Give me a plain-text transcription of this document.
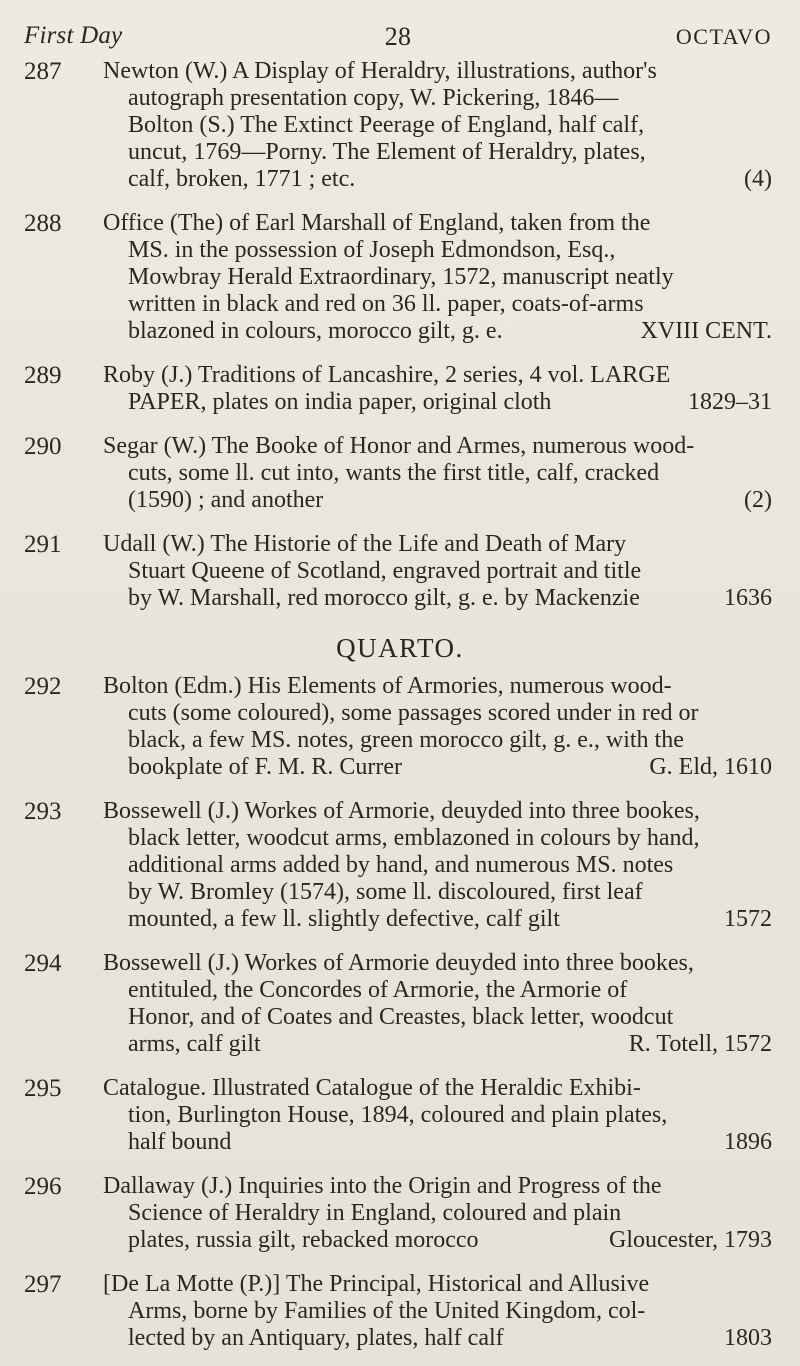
First Day	28	OCTAVO
287 Newton (W.) A Display of Heraldry, illustrations, author's
autograph presentation copy, W. Pickering, 1846—
Bolton (S.) The Extinct Peerage of England, half calf,
uncut, 1769—Porny. The Element of Heraldry, plates,
calf, broken, 1771 ; etc.	(4)
288 Office (The) of Earl Marshall of England, taken from the
MS. in the possession of Joseph Edmondson, Esq.,
Mowbray Herald Extraordinary, 1572, manuscript neatly
written in black and red on 36 ll. paper, coats-of-arms
blazoned in colours, morocco gilt, g. e.	XVIII CENT.
289 Roby (J.) Traditions of Lancashire, 2 series, 4 vol. LARGE
PAPER, plates on india paper, original cloth	1829–31
290 Segar (W.) The Booke of Honor and Armes, numerous wood-
cuts, some ll. cut into, wants the first title, calf, cracked
(1590) ; and another	(2)
291 Udall (W.) The Historie of the Life and Death of Mary
Stuart Queene of Scotland, engraved portrait and title
by W. Marshall, red morocco gilt, g. e. by Mackenzie	1636
QUARTO.
292 Bolton (Edm.) His Elements of Armories, numerous wood-
cuts (some coloured), some passages scored under in red or
black, a few MS. notes, green morocco gilt, g. e., with the
bookplate of F. M. R. Currer	G. Eld, 1610
293 Bossewell (J.) Workes of Armorie, deuyded into three bookes,
black letter, woodcut arms, emblazoned in colours by hand,
additional arms added by hand, and numerous MS. notes
by W. Bromley (1574), some ll. discoloured, first leaf
mounted, a few ll. slightly defective, calf gilt	1572
294 Bossewell (J.) Workes of Armorie deuyded into three bookes,
entituled, the Concordes of Armorie, the Armorie of
Honor, and of Coates and Creastes, black letter, woodcut
arms, calf gilt	R. Totell, 1572
295 Catalogue. Illustrated Catalogue of the Heraldic Exhibi-
tion, Burlington House, 1894, coloured and plain plates,
half bound	1896
296 Dallaway (J.) Inquiries into the Origin and Progress of the
Science of Heraldry in England, coloured and plain
plates, russia gilt, rebacked morocco	Gloucester, 1793
297 [De La Motte (P.)] The Principal, Historical and Allusive
Arms, borne by Families of the United Kingdom, col-
lected by an Antiquary, plates, half calf	1803
